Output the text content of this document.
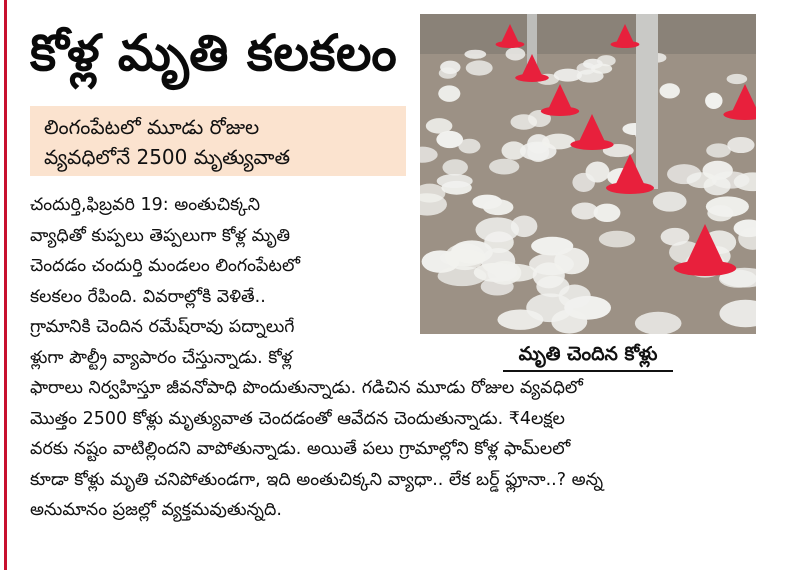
కోళ్ల మృతి కలకలం
లింగంపేటలో మూడు రోజుల
వ్యవధిలోనే 2500 మృత్యువాత
మృతి చెందిన కోళ్లు
చందుర్తి,ఫిబ్రవరి 19: అంతుచిక్కని
వ్యాధితో కుప్పలు తెప్పలుగా కోళ్ల మృతి
చెందడం చందుర్తి మండలం లింగంపేటలో
కలకలం రేపింది. వివరాల్లోకి వెళితే..
గ్రామానికి చెందిన రమేష్‌రావు పద్నాలుగే
ళ్లుగా పౌల్ట్రీ వ్యాపారం చేస్తున్నాడు. కోళ్ల
ఫారాలు నిర్వహిస్తూ జీవనోపాధి పొందుతున్నాడు. గడిచిన మూడు రోజుల వ్యవధిలో
మొత్తం 2500 కోళ్లు మృత్యువాత చెందడంతో ఆవేదన చెందుతున్నాడు. ₹4లక్షల
వరకు నష్టం వాటిల్లిందని వాపోతున్నాడు. అయితే పలు గ్రామాల్లోని కోళ్ల ఫామ్‌లలో
కూడా కోళ్లు మృతి చనిపోతుండగా, ఇది అంతుచిక్కని వ్యాధా.. లేక బర్డ్ ఫ్లూనా..? అన్న
అనుమానం ప్రజల్లో వ్యక్తమవుతున్నది.
